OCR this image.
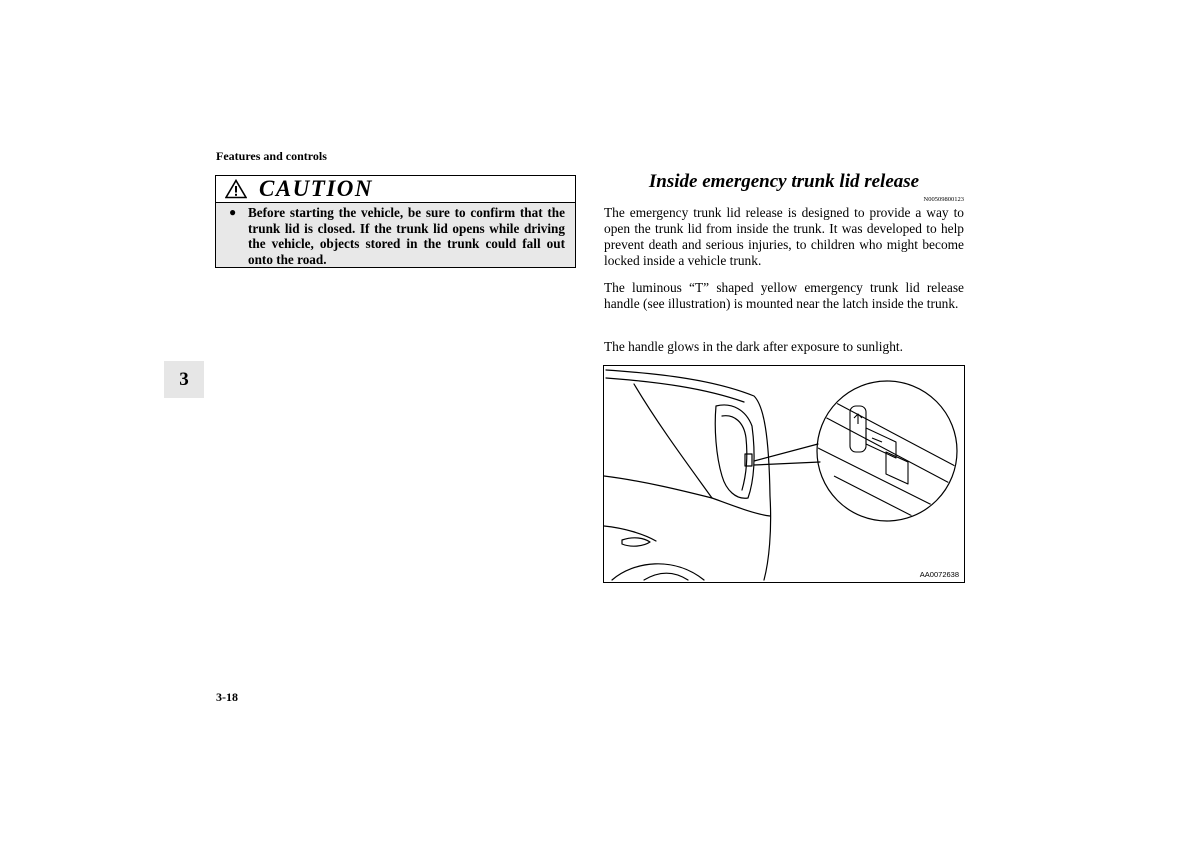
Features and controls
3
CAUTION
● Before starting the vehicle, be sure to confirm that the trunk lid is closed. If the trunk lid opens while driving the vehicle, objects stored in the trunk could fall out onto the road.
Inside emergency trunk lid release
N00509800123
The emergency trunk lid release is designed to provide a way to open the trunk lid from inside the trunk. It was developed to help prevent death and serious injuries, to children who might become locked inside a vehicle trunk.
The luminous “T” shaped yellow emergency trunk lid release handle (see illustration) is mounted near the latch inside the trunk.
The handle glows in the dark after exposure to sunlight.
AA0072638
3-18
